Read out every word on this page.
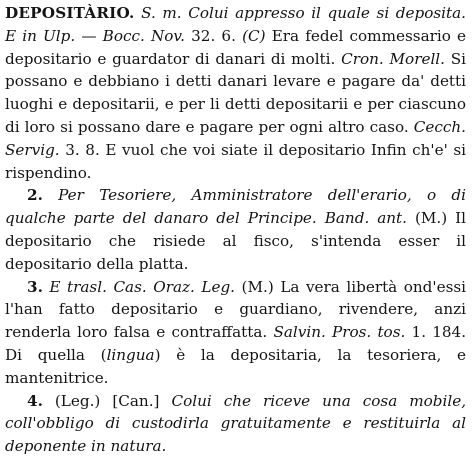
DEPOSITÀRIO. S. m. Colui appresso il quale si deposita. E in Ulp. — Bocc. Nov. 32. 6. (C) Era fedel commessario e depositario e guardator di danari di molti. Cron. Morell. Si possano e debbiano i detti danari levare e pagare da' detti luoghi e depositarii, e per li detti depositarii e per ciascuno di loro si possano dare e pagare per ogni altro caso. Cecch. Servig. 3. 8. E vuol che voi siate il depositario Infin ch'e' si rispendino.

2. Per Tesoriere, Amministratore dell'erario, o di qualche parte del danaro del Principe. Band. ant. (M.) Il depositario che risiede al fisco, s'intenda esser il depositario della platta.

3. E trasl. Cas. Oraz. Leg. (M.) La vera libertà ond'essi l'han fatto depositario e guardiano, rivendere, anzi renderla loro falsa e contraffatta. Salvin. Pros. tos. 1. 184. Di quella (lingua) è la depositaria, la tesoriera, e mantenitrice.

4. (Leg.) [Can.] Colui che riceve una cosa mobile, coll'obbligo di custodirla gratuitamente e restituirla al deponente in natura.
